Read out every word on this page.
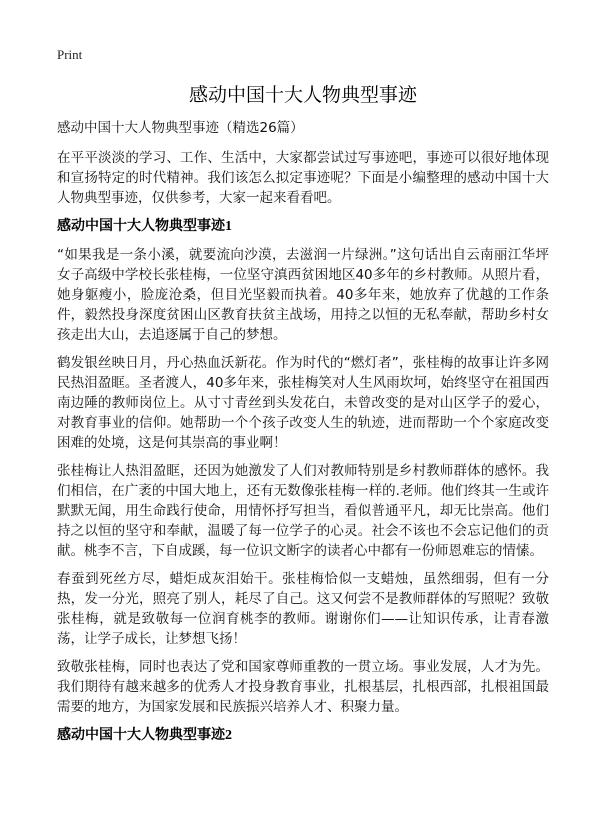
Print
感动中国十大人物典型事迹
感动中国十大人物典型事迹（精选26篇）

在平平淡淡的学习、工作、生活中，大家都尝试过写事迹吧，事迹可以很好地体现和宣扬特定的时代精神。我们该怎么拟定事迹呢？下面是小编整理的感动中国十大人物典型事迹，仅供参考，大家一起来看看吧。

感动中国十大人物典型事迹1

“如果我是一条小溪，就要流向沙漠，去滋润一片绿洲。”这句话出自云南丽江华坪女子高级中学校长张桂梅，一位坚守滇西贫困地区40多年的乡村教师。从照片看，她身躯瘦小，脸庞沧桑，但目光坚毅而执着。40多年来，她放弃了优越的工作条件，毅然投身深度贫困山区教育扶贫主战场，用持之以恒的无私奉献，帮助乡村女孩走出大山，去追逐属于自己的梦想。

鹤发银丝映日月，丹心热血沃新花。作为时代的“燃灯者”，张桂梅的故事让许多网民热泪盈眶。圣者渡人，40多年来，张桂梅笑对人生风雨坎坷，始终坚守在祖国西南边陲的教师岗位上。从寸寸青丝到头发花白，未曾改变的是对山区学子的爱心，对教育事业的信仰。她帮助一个个孩子改变人生的轨迹，进而帮助一个个家庭改变困难的处境，这是何其崇高的事业啊！

张桂梅让人热泪盈眶，还因为她激发了人们对教师特别是乡村教师群体的感怀。我们相信，在广袤的中国大地上，还有无数像张桂梅一样的.老师。他们终其一生或许默默无闻，用生命践行使命，用情怀抒写担当，看似普通平凡，却无比崇高。他们持之以恒的坚守和奉献，温暖了每一位学子的心灵。社会不该也不会忘记他们的贡献。桃李不言，下自成蹊，每一位识文断字的读者心中都有一份师恩难忘的情愫。

春蚕到死丝方尽，蜡炬成灰泪始干。张桂梅恰似一支蜡烛，虽然细弱，但有一分热，发一分光，照亮了别人，耗尽了自己。这又何尝不是教师群体的写照呢？致敬张桂梅，就是致敬每一位润育桃李的教师。谢谢你们——让知识传承，让青春激荡，让学子成长，让梦想飞扬！

致敬张桂梅，同时也表达了党和国家尊师重教的一贯立场。事业发展，人才为先。我们期待有越来越多的优秀人才投身教育事业，扎根基层，扎根西部，扎根祖国最需要的地方，为国家发展和民族振兴培养人才、积聚力量。

感动中国十大人物典型事迹2
